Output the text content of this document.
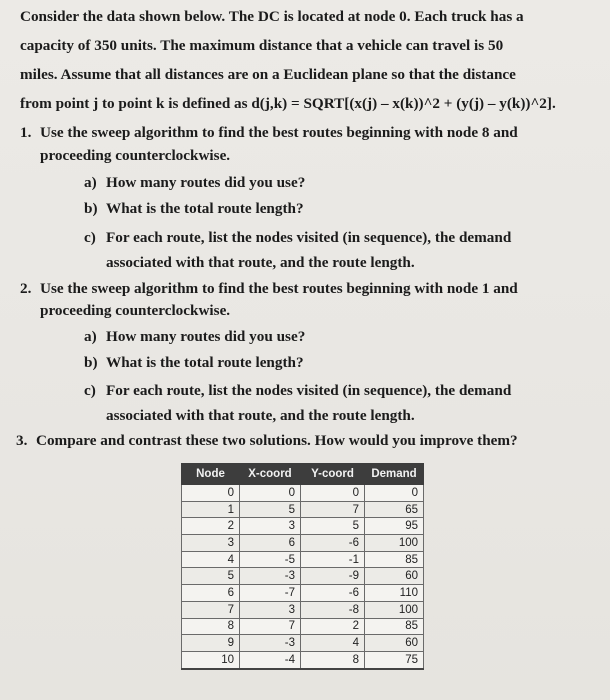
Consider the data shown below. The DC is located at node 0. Each truck has a
capacity of 350 units. The maximum distance that a vehicle can travel is 50
miles. Assume that all distances are on a Euclidean plane so that the distance
from point j to point k is defined as d(j,k) = SQRT[(x(j) – x(k))^2 + (y(j) – y(k))^2].
1. Use the sweep algorithm to find the best routes beginning with node 8 and
proceeding counterclockwise.
a) How many routes did you use?
b) What is the total route length?
c) For each route, list the nodes visited (in sequence), the demand
associated with that route, and the route length.
2. Use the sweep algorithm to find the best routes beginning with node 1 and
proceeding counterclockwise.
a) How many routes did you use?
b) What is the total route length?
c) For each route, list the nodes visited (in sequence), the demand
associated with that route, and the route length.
3. Compare and contrast these two solutions. How would you improve them?
Node	X-coord	Y-coord	Demand
0	0	0	0
1	5	7	65
2	3	5	95
3	6	-6	100
4	-5	-1	85
5	-3	-9	60
6	-7	-6	110
7	3	-8	100
8	7	2	85
9	-3	4	60
10	-4	8	75
